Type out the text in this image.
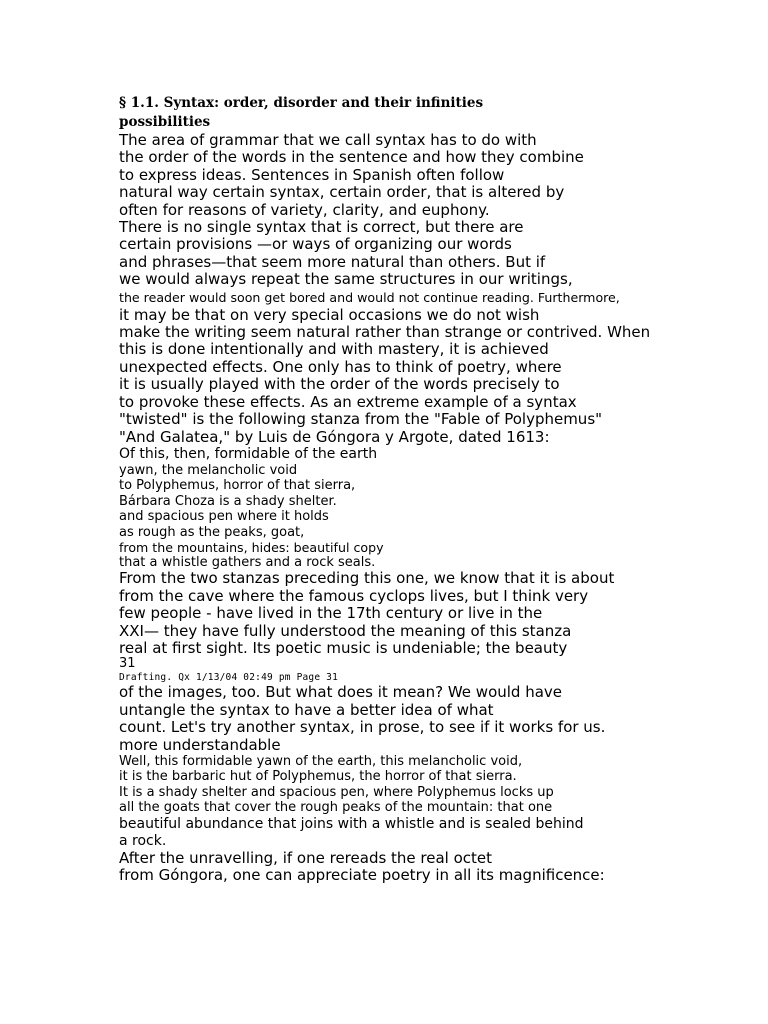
§ 1.1. Syntax: order, disorder and their infinities
possibilities
The area of grammar that we call syntax has to do with
the order of the words in the sentence and how they combine
to express ideas. Sentences in Spanish often follow
natural way certain syntax, certain order, that is altered by
often for reasons of variety, clarity, and euphony.
There is no single syntax that is correct, but there are
certain provisions —or ways of organizing our words
and phrases—that seem more natural than others. But if
we would always repeat the same structures in our writings,
the reader would soon get bored and would not continue reading. Furthermore,
it may be that on very special occasions we do not wish
make the writing seem natural rather than strange or contrived. When
this is done intentionally and with mastery, it is achieved
unexpected effects. One only has to think of poetry, where
it is usually played with the order of the words precisely to
to provoke these effects. As an extreme example of a syntax
"twisted" is the following stanza from the "Fable of Polyphemus"
"And Galatea," by Luis de Góngora y Argote, dated 1613:
Of this, then, formidable of the earth
yawn, the melancholic void
to Polyphemus, horror of that sierra,
Bárbara Choza is a shady shelter.
and spacious pen where it holds
as rough as the peaks, goat,
from the mountains, hides: beautiful copy
that a whistle gathers and a rock seals.
From the two stanzas preceding this one, we know that it is about
from the cave where the famous cyclops lives, but I think very
few people - have lived in the 17th century or live in the
XXI— they have fully understood the meaning of this stanza
real at first sight. Its poetic music is undeniable; the beauty
31
Drafting. Qx 1/13/04 02:49 pm Page 31
of the images, too. But what does it mean? We would have
untangle the syntax to have a better idea of what
count. Let's try another syntax, in prose, to see if it works for us.
more understandable
Well, this formidable yawn of the earth, this melancholic void,
it is the barbaric hut of Polyphemus, the horror of that sierra.
It is a shady shelter and spacious pen, where Polyphemus locks up
all the goats that cover the rough peaks of the mountain: that one
beautiful abundance that joins with a whistle and is sealed behind
a rock.
After the unravelling, if one rereads the real octet
from Góngora, one can appreciate poetry in all its magnificence:
